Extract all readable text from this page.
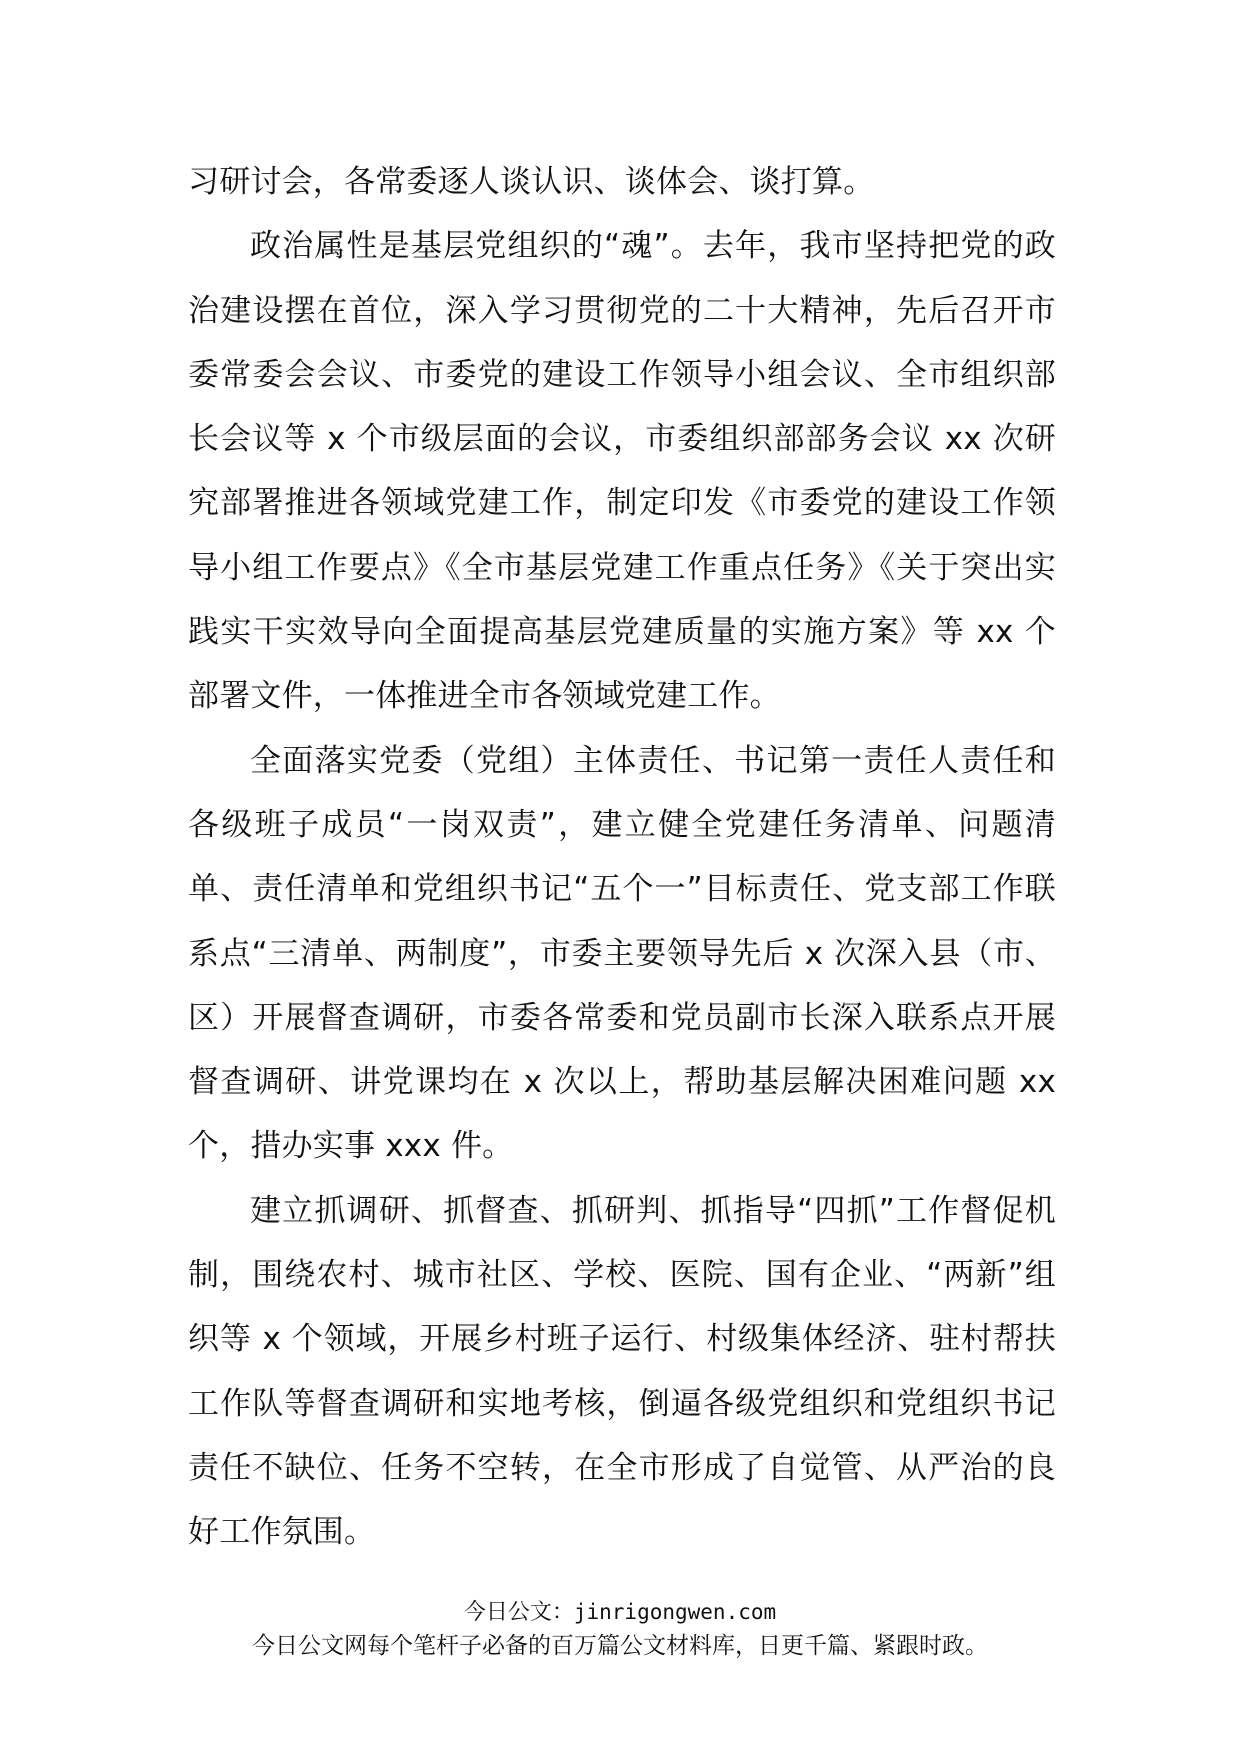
习研讨会，各常委逐人谈认识、谈体会、谈打算。

政治属性是基层党组织的“魂”。去年，我市坚持把党的政治建设摆在首位，深入学习贯彻党的二十大精神，先后召开市委常委会会议、市委党的建设工作领导小组会议、全市组织部长会议等 x 个市级层面的会议，市委组织部部务会议 xx 次研究部署推进各领域党建工作，制定印发《市委党的建设工作领导小组工作要点》《全市基层党建工作重点任务》《关于突出实践实干实效导向全面提高基层党建质量的实施方案》等 xx 个部署文件，一体推进全市各领域党建工作。

全面落实党委（党组）主体责任、书记第一责任人责任和各级班子成员“一岗双责”，建立健全党建任务清单、问题清单、责任清单和党组织书记“五个一”目标责任、党支部工作联系点“三清单、两制度”，市委主要领导先后 x 次深入县（市、区）开展督查调研，市委各常委和党员副市长深入联系点开展督查调研、讲党课均在 x 次以上，帮助基层解决困难问题 xx 个，措办实事 xxx 件。

建立抓调研、抓督查、抓研判、抓指导“四抓”工作督促机制，围绕农村、城市社区、学校、医院、国有企业、“两新”组织等 x 个领域，开展乡村班子运行、村级集体经济、驻村帮扶工作队等督查调研和实地考核，倒逼各级党组织和党组织书记责任不缺位、任务不空转，在全市形成了自觉管、从严治的良好工作氛围。

今日公文：jinrigongwen.com
今日公文网每个笔杆子必备的百万篇公文材料库，日更千篇、紧跟时政。
